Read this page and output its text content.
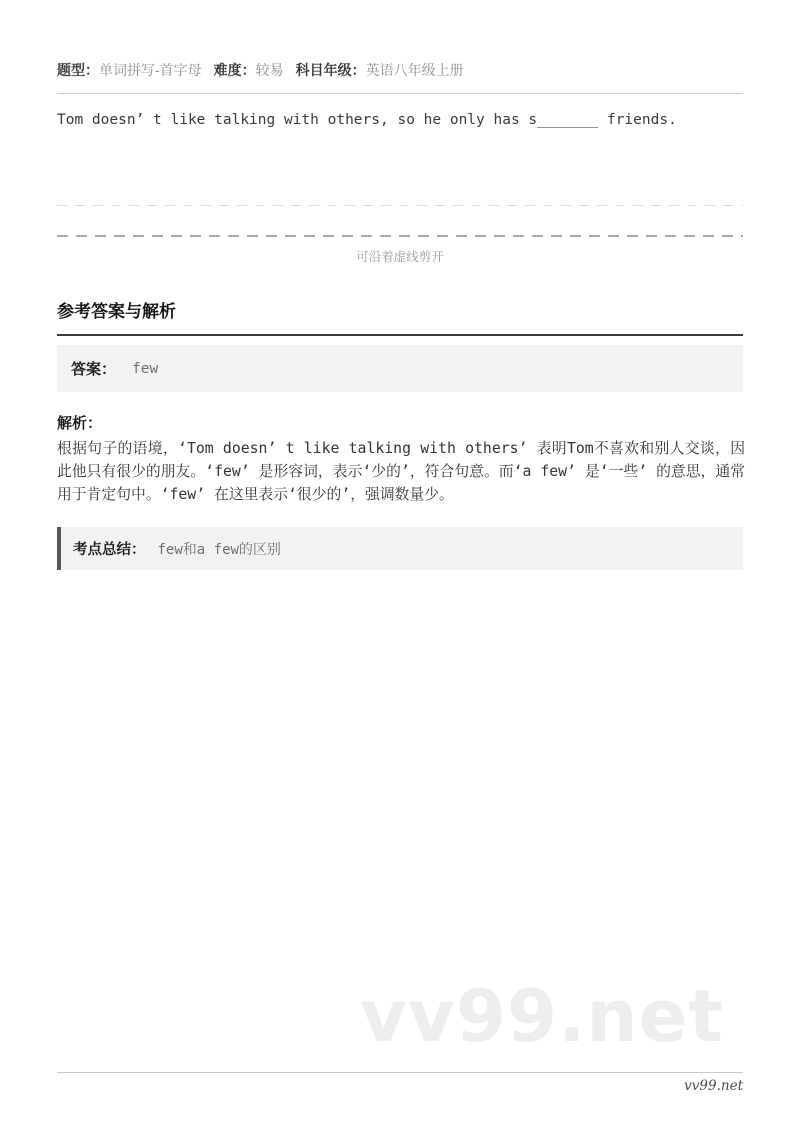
题型：单词拼写-首字母 难度：较易 科目年级：英语八年级上册
Tom doesn’ t like talking with others, so he only has s_______ friends.
可沿着虚线剪开
参考答案与解析
答案： few
解析：
根据句子的语境，‘Tom doesn’ t like talking with others’ 表明Tom不喜欢和别人交谈，因此他只有很少的朋友。‘few’ 是形容词，表示‘少的’，符合句意。而‘a few’ 是‘一些’ 的意思，通常用于肯定句中。‘few’ 在这里表示‘很少的’，强调数量少。
考点总结： few和a few的区别
vv99.net
vv99.net
